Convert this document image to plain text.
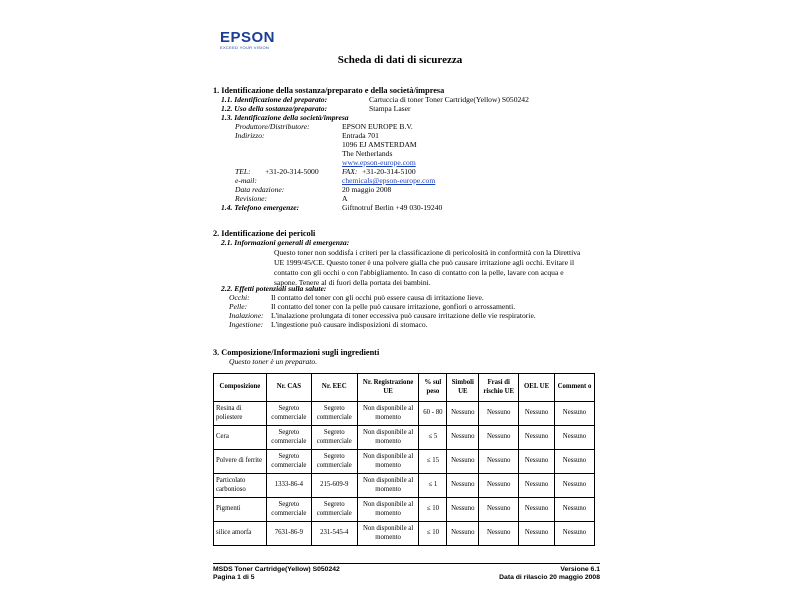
EPSON
EXCEED YOUR VISION
Scheda di dati di sicurezza
1. Identificazione della sostanza/preparato e della società/impresa
1.1. Identificazione del preparato:	Cartuccia di toner Toner Cartridge(Yellow) S050242
1.2. Uso della sostanza/preparato:	Stampa Laser
1.3. Identificazione della società/impresa
Produttore/Distributore:	EPSON EUROPE B.V.
Indirizzo:	Entrada 701
1096 EJ AMSTERDAM
The Netherlands
www.epson-europe.com
TEL: +31-20-314-5000	FAX: +31-20-314-5100
e-mail:	chemicals@epson-europe.com
Data redazione:	20 maggio 2008
Revisione:	A
1.4. Telefono emergenze:	Giftnotruf Berlin +49 030-19240
2. Identificazione dei pericoli
2.1. Informazioni generali di emergenza:
Questo toner non soddisfa i criteri per la classificazione di pericolosità in conformità con la Direttiva
UE 1999/45/CE. Questo toner è una polvere gialla che può causare irritazione agli occhi. Evitare il
contatto con gli occhi o con l'abbigliamento. In caso di contatto con la pelle, lavare con acqua e
sapone. Tenere al di fuori della portata dei bambini.
2.2. Effetti potenziali sulla salute:
Occhi:	Il contatto del toner con gli occhi può essere causa di irritazione lieve.
Pelle:	Il contatto del toner con la pelle può causare irritazione, gonfiori o arrossamenti.
Inalazione: L'inalazione prolungata di toner eccessiva può causare irritazione delle vie respiratorie.
Ingestione: L'ingestione può causare indisposizioni di stomaco.
3. Composizione/Informazioni sugli ingredienti
Questo toner è un preparato.
Composizione	Nr. CAS	Nr. EEC	Nr. Registrazione UE	% sul peso	Simboli UE	Frasi di rischio UE	OEL UE	Comment o
Resina di poliestere	Segreto commerciale	Segreto commerciale	Non disponibile al momento	60 - 80	Nessuno	Nessuno	Nessuno	Nessuno
Cera	Segreto commerciale	Segreto commerciale	Non disponibile al momento	≤ 5	Nessuno	Nessuno	Nessuno	Nessuno
Polvere di ferrite	Segreto commerciale	Segreto commerciale	Non disponibile al momento	≤ 15	Nessuno	Nessuno	Nessuno	Nessuno
Particolato carbonioso	1333-86-4	215-609-9	Non disponibile al momento	≤ 1	Nessuno	Nessuno	Nessuno	Nessuno
Pigmenti	Segreto commerciale	Segreto commerciale	Non disponibile al momento	≤ 10	Nessuno	Nessuno	Nessuno	Nessuno
silice amorfa	7631-86-9	231-545-4	Non disponibile al momento	≤ 10	Nessuno	Nessuno	Nessuno	Nessuno
MSDS Toner Cartridge(Yellow) S050242
Pagina 1 di 5
Versione 6.1
Data di rilascio 20 maggio 2008
